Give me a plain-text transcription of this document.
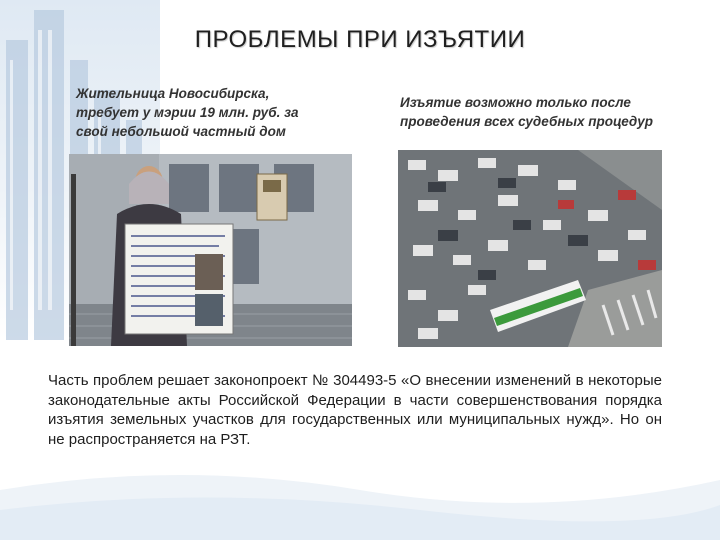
ПРОБЛЕМЫ ПРИ ИЗЪЯТИИ
Жительница Новосибирска, требует у мэрии 19 млн. руб. за свой небольшой частный дом
Изъятие возможно только после проведения всех судебных процедур
Часть проблем решает законопроект № 304493-5 «О внесении изменений в некоторые законодательные акты Российской Федерации в части совершенствования порядка изъятия земельных участков для государственных или муниципальных нужд». Но он не распространяется на РЗТ.
